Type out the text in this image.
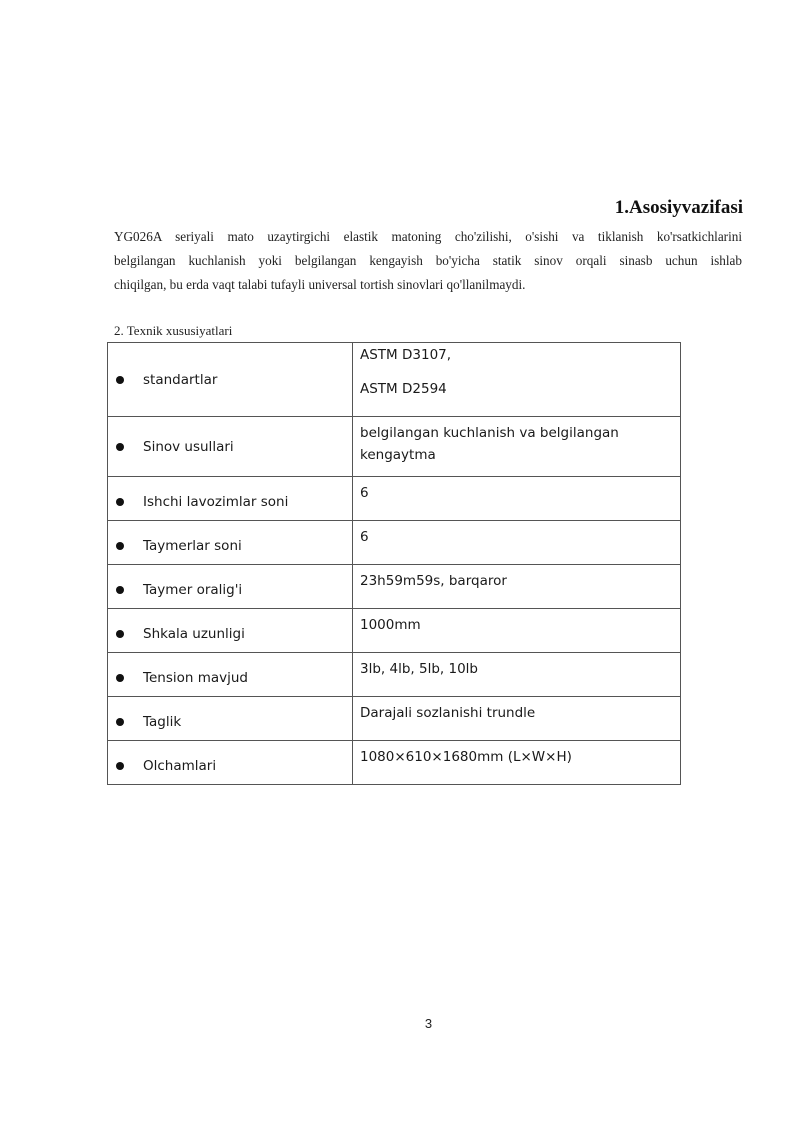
1.Asosiyvazifasi

YG026A seriyali mato uzaytirgichi elastik matoning cho'zilishi, o'sishi va tiklanish ko'rsatkichlarini
belgilangan kuchlanish yoki belgilangan kengayish bo'yicha statik sinov orqali sinasb uchun ishlab
chiqilgan, bu erda vaqt talabi tufayli universal tortish sinovlari qo'llanilmaydi.

2. Texnik xususiyatlari
standartlar	ASTM D3107,
ASTM D2594

Sinov usullari	belgilangan kuchlanish va belgilangan
kengaytma

Ishchi lavozimlar soni	6

Taymerlar soni	6

Taymer oralig'i	23h59m59s, barqaror

Shkala uzunligi	1000mm

Tension mavjud	3lb, 4lb, 5lb, 10lb

Taglik	Darajali sozlanishi trundle

Olchamlari	1080×610×1680mm (L×W×H)
3
